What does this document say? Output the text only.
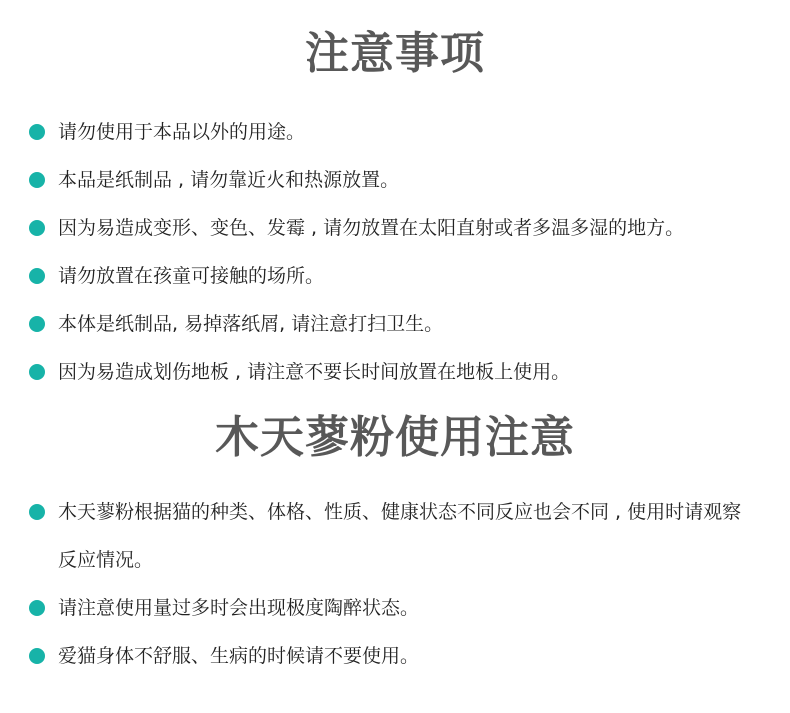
注意事项
请勿使用于本品以外的用途。
本品是纸制品 , 请勿靠近火和热源放置。
因为易造成变形、变色、发霉 , 请勿放置在太阳直射或者多温多湿的地方。
请勿放置在孩童可接触的场所。
本体是纸制品, 易掉落纸屑, 请注意打扫卫生。
因为易造成划伤地板 , 请注意不要长时间放置在地板上使用。
木天蓼粉使用注意
木天蓼粉根据猫的种类、体格、性质、健康状态不同反应也会不同 , 使用时请观察反应情况。
请注意使用量过多时会出现极度陶醉状态。
爱猫身体不舒服、生病的时候请不要使用。
